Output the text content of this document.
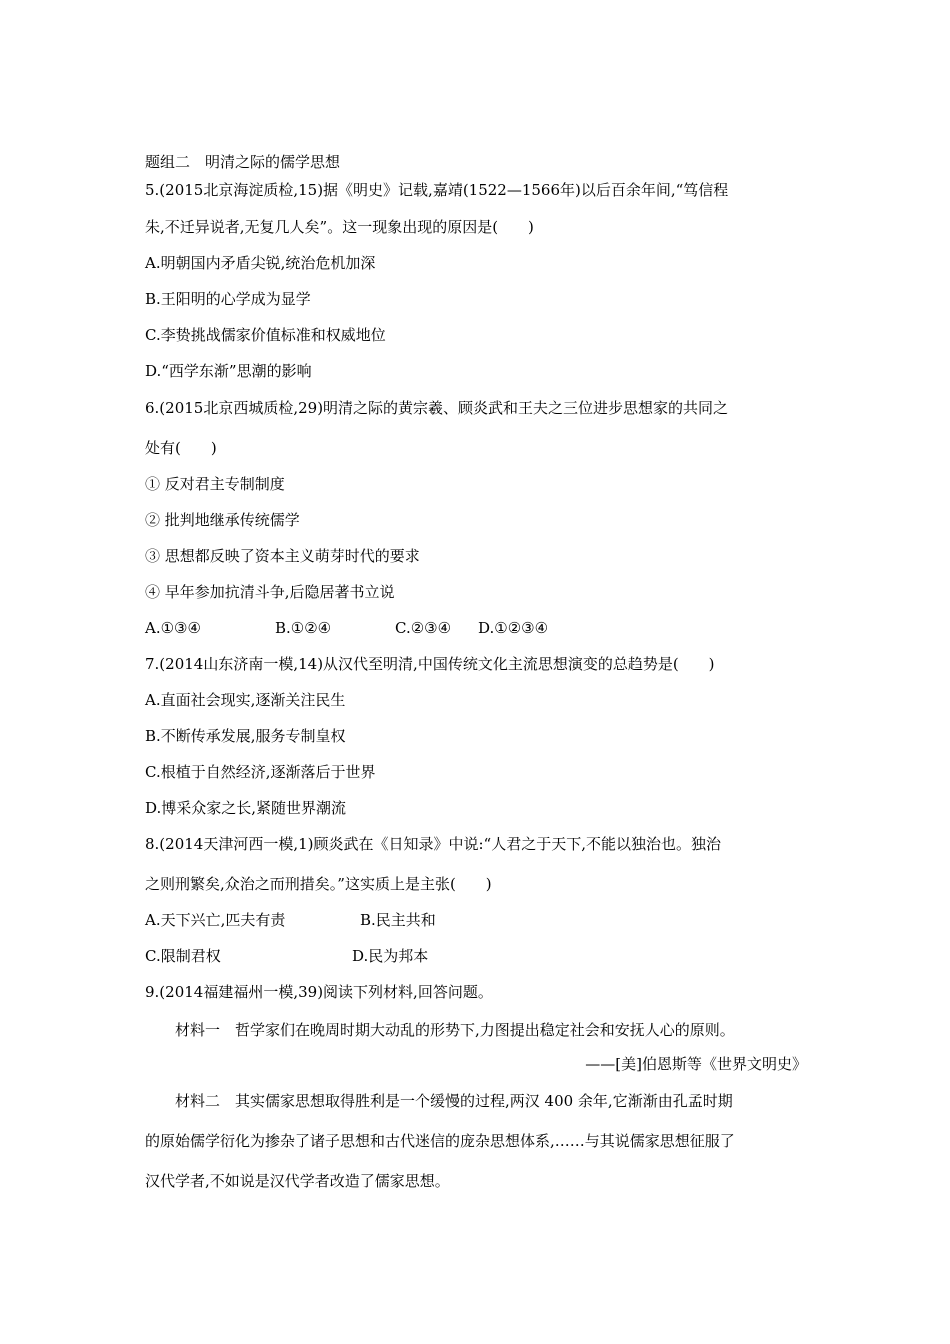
题组二　明清之际的儒学思想
5.(2015北京海淀质检,15)据《明史》记载,嘉靖(1522—1566年)以后百余年间,“笃信程
朱,不迁异说者,无复几人矣”。这一现象出现的原因是(　　)
A.明朝国内矛盾尖锐,统治危机加深
B.王阳明的心学成为显学
C.李贽挑战儒家价值标准和权威地位
D.“西学东渐”思潮的影响
6.(2015北京西城质检,29)明清之际的黄宗羲、顾炎武和王夫之三位进步思想家的共同之
处有(　　)
① 反对君主专制制度
② 批判地继承传统儒学
③ 思想都反映了资本主义萌芽时代的要求
④ 早年参加抗清斗争,后隐居著书立说
A.①③④	B.①②④	C.②③④ D.①②③④
7.(2014山东济南一模,14)从汉代至明清,中国传统文化主流思想演变的总趋势是(　　)
A.直面社会现实,逐渐关注民生
B.不断传承发展,服务专制皇权
C.根植于自然经济,逐渐落后于世界
D.博采众家之长,紧随世界潮流
8.(2014天津河西一模,1)顾炎武在《日知录》中说:“人君之于天下,不能以独治也。独治
之则刑繁矣,众治之而刑措矣。”这实质上是主张(　　)
A.天下兴亡,匹夫有责	B.民主共和
C.限制君权	D.民为邦本
9.(2014福建福州一模,39)阅读下列材料,回答问题。
材料一　哲学家们在晚周时期大动乱的形势下,力图提出稳定社会和安抚人心的原则。
——[美]伯恩斯等《世界文明史》
材料二　其实儒家思想取得胜利是一个缓慢的过程,两汉 400 余年,它渐渐由孔孟时期
的原始儒学衍化为掺杂了诸子思想和古代迷信的庞杂思想体系,……与其说儒家思想征服了
汉代学者,不如说是汉代学者改造了儒家思想。
